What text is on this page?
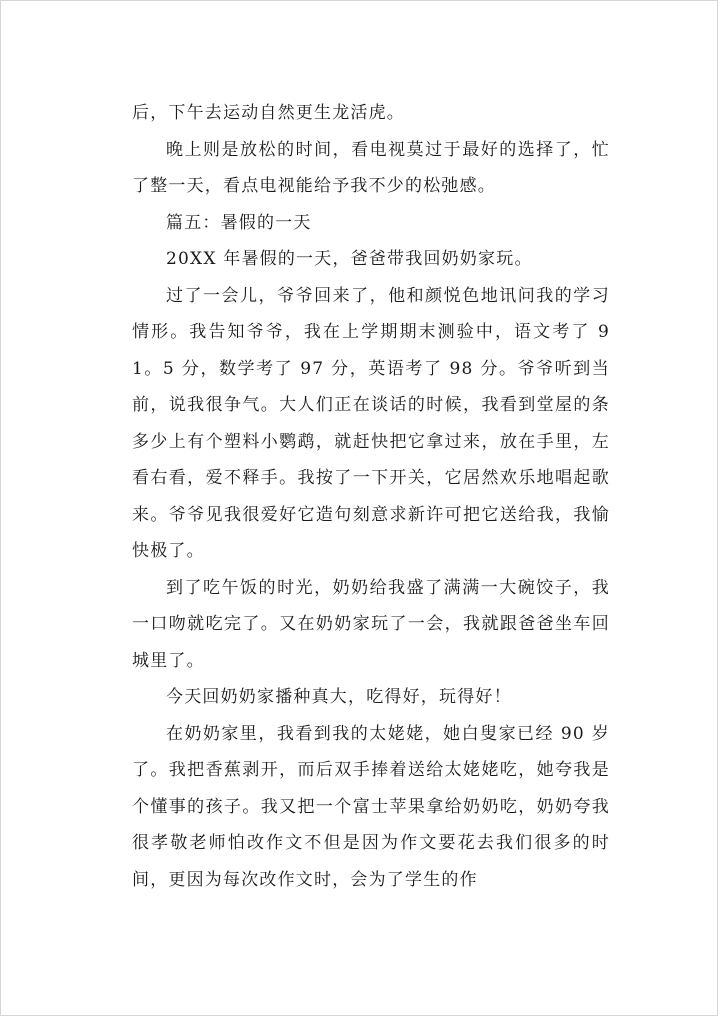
后，下午去运动自然更生龙活虎。

晚上则是放松的时间，看电视莫过于最好的选择了，忙了整一天，看点电视能给予我不少的松弛感。

篇五：暑假的一天

20XX 年暑假的一天，爸爸带我回奶奶家玩。

过了一会儿，爷爷回来了，他和颜悦色地讯问我的学习情形。我告知爷爷，我在上学期期末测验中，语文考了 91。5 分，数学考了 97 分，英语考了 98 分。爷爷听到当前，说我很争气。大人们正在谈话的时候，我看到堂屋的条多少上有个塑料小鹦鹉，就赶快把它拿过来，放在手里，左看右看，爱不释手。我按了一下开关，它居然欢乐地唱起歌来。爷爷见我很爱好它造句刻意求新许可把它送给我，我愉快极了。

到了吃午饭的时光，奶奶给我盛了满满一大碗饺子，我一口吻就吃完了。又在奶奶家玩了一会，我就跟爸爸坐车回城里了。

今天回奶奶家播种真大，吃得好，玩得好！

在奶奶家里，我看到我的太姥姥，她白叟家已经 90 岁了。我把香蕉剥开，而后双手捧着送给太姥姥吃，她夸我是个懂事的孩子。我又把一个富士苹果拿给奶奶吃，奶奶夸我很孝敬老师怕改作文不但是因为作文要花去我们很多的时间，更因为每次改作文时，会为了学生的作
